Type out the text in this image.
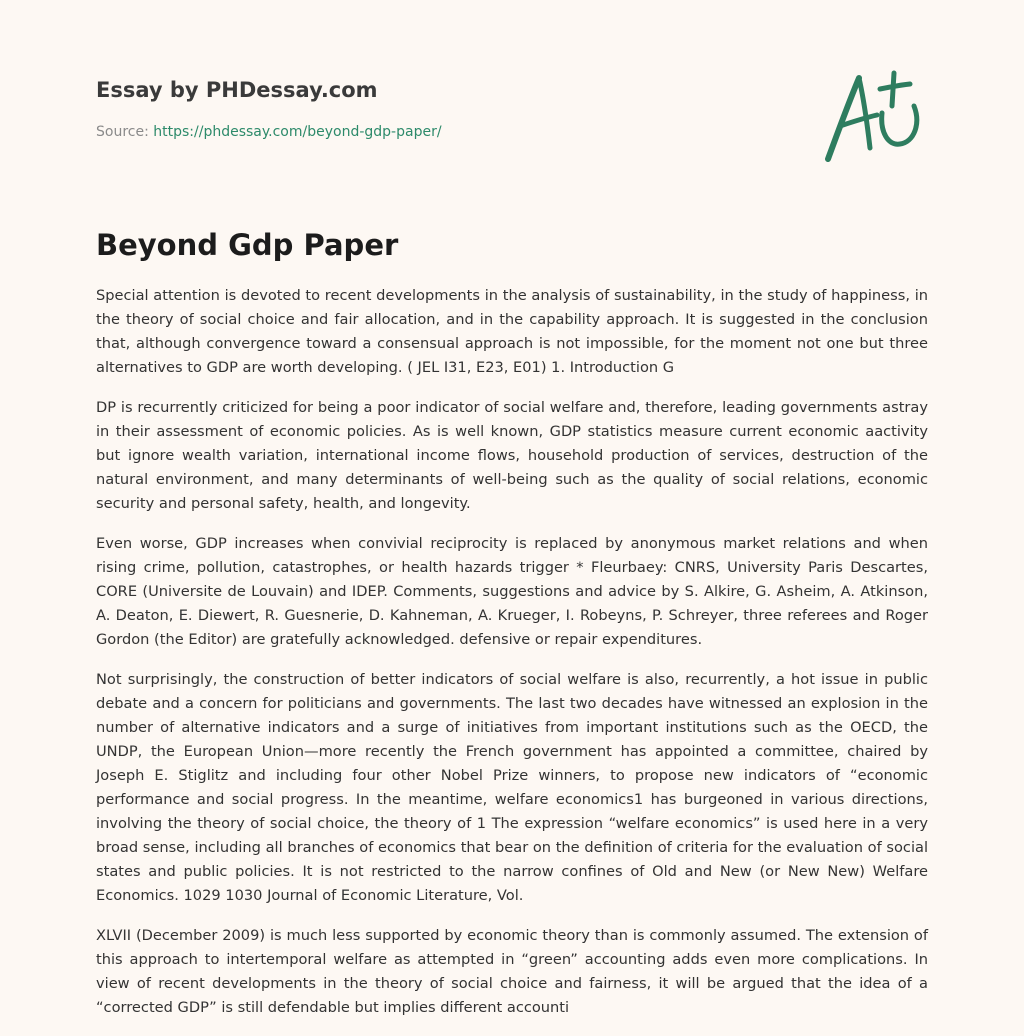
Essay by PHDessay.com
Source: https://phdessay.com/beyond-gdp-paper/
Beyond Gdp Paper

Special attention is devoted to recent developments in the analysis of sustainability, in the study of happiness, in the theory of social choice and fair allocation, and in the capability approach. It is suggested in the conclusion that, although convergence toward a consensual approach is not impossible, for the moment not one but three alternatives to GDP are worth developing. ( JEL I31, E23, E01) 1. Introduction G

DP is recurrently criticized for being a poor indicator of social welfare and, therefore, leading governments astray in their assessment of economic policies. As is well known, GDP statistics measure current economic aactivity but ignore wealth variation, international income flows, household production of services, destruction of the natural environment, and many determinants of well-being such as the quality of social relations, economic security and personal safety, health, and longevity.

Even worse, GDP increases when convivial reciprocity is replaced by anonymous market relations and when rising crime, pollution, catastrophes, or health hazards trigger * Fleurbaey: CNRS, University Paris Descartes, CORE (Universite de Louvain) and IDEP. Comments, suggestions and advice by S. Alkire, G. Asheim, A. Atkinson, A. Deaton, E. Diewert, R. Guesnerie, D. Kahneman, A. Krueger, I. Robeyns, P. Schreyer, three referees and Roger Gordon (the Editor) are gratefully acknowledged. defensive or repair expenditures.

Not surprisingly, the construction of better indicators of social welfare is also, recurrently, a hot issue in public debate and a concern for politicians and governments. The last two decades have witnessed an explosion in the number of alternative indicators and a surge of initiatives from important institutions such as the OECD, the UNDP, the European Union—more recently the French government has appointed a committee, chaired by Joseph E. Stiglitz and including four other Nobel Prize winners, to propose new indicators of “economic performance and social progress. In the meantime, welfare economics1 has burgeoned in various directions, involving the theory of social choice, the theory of 1 The expression “welfare economics” is used here in a very broad sense, including all branches of economics that bear on the definition of criteria for the evaluation of social states and public policies. It is not restricted to the narrow confines of Old and New (or New New) Welfare Economics. 1029 1030 Journal of Economic Literature, Vol.

XLVII (December 2009) is much less supported by economic theory than is commonly assumed. The extension of this approach to intertemporal welfare as attempted in “green” accounting adds even more complications. In view of recent developments in the theory of social choice and fairness, it will be argued that the idea of a “corrected GDP” is still defendable but implies different accounti
